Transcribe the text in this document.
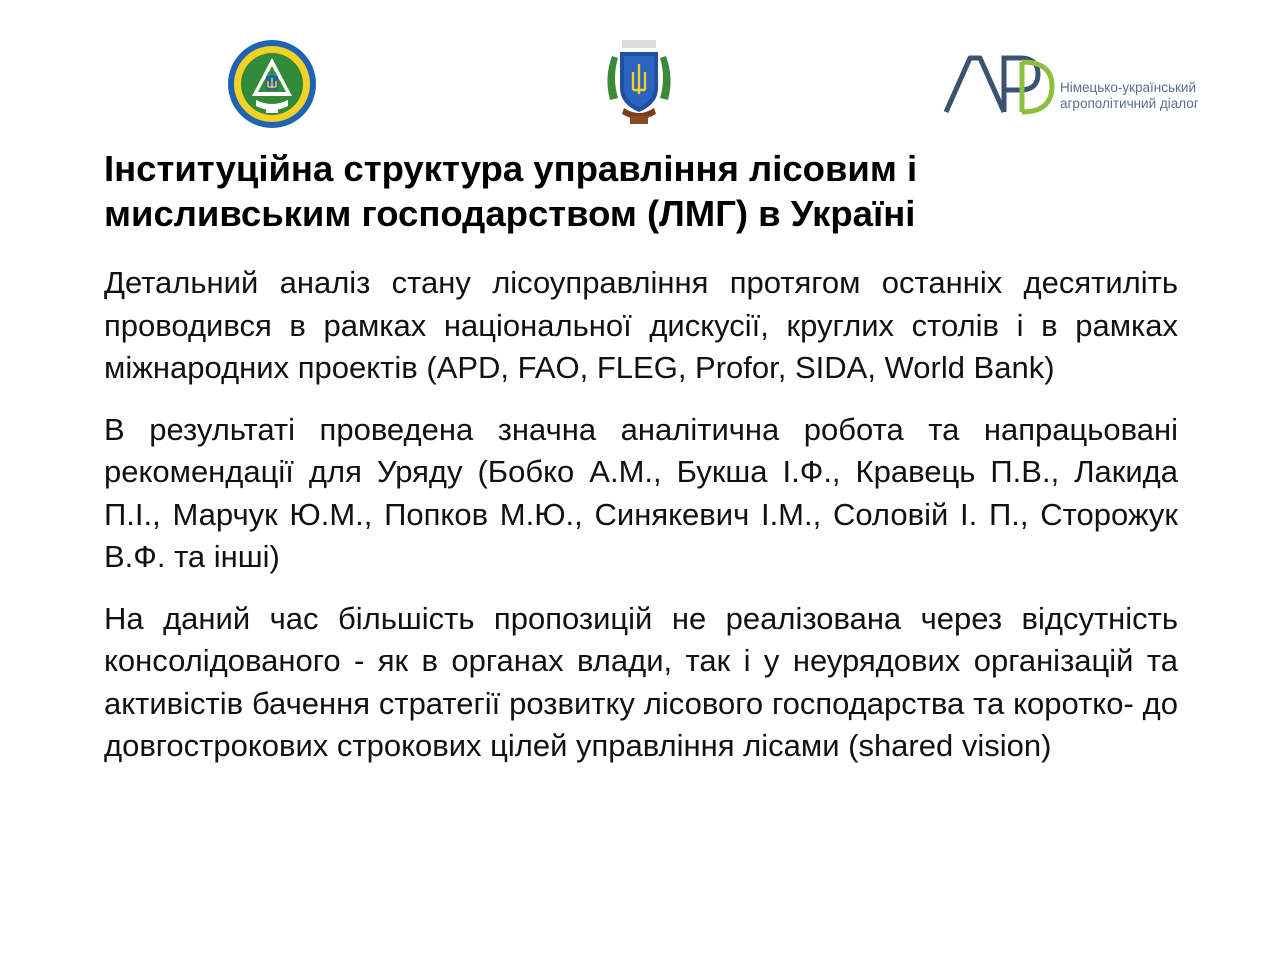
Німецько-український
агрополітичний діалог
Інституційна структура управління лісовим і
мисливським господарством (ЛМГ) в Україні

Детальний аналіз стану лісоуправління протягом останніх десятиліть проводився в рамках національної дискусії, круглих столів і в рамках міжнародних проектів (APD, FAO, FLEG, Profor, SIDA, World Bank)

В результаті проведена значна аналітична робота та напрацьовані рекомендації для Уряду (Бобко А.М., Букша І.Ф., Кравець П.В., Лакида П.І., Марчук Ю.М., Попков М.Ю., Синякевич І.М., Соловій І. П., Сторожук В.Ф. та інші)

На даний час більшість пропозицій не реалізована через відсутність консолідованого - як в органах влади, так і у неурядових організацій та активістів бачення стратегії розвитку лісового господарства та коротко- до довгострокових строкових цілей управління лісами (shared vision)
